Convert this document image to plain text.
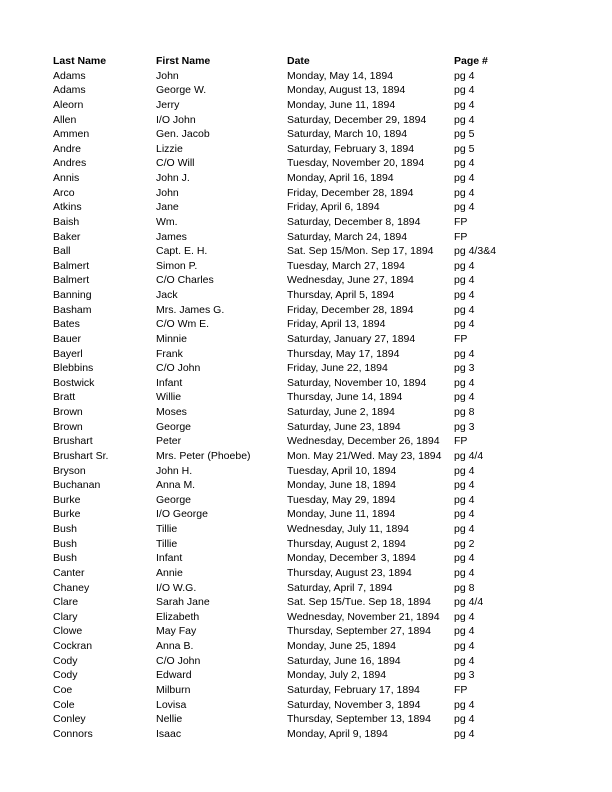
Last Name	First Name	Date	Page #
Adams	John	Monday, May 14, 1894	pg 4
Adams	George W.	Monday, August 13, 1894	pg 4
Aleorn	Jerry	Monday, June 11, 1894	pg 4
Allen	I/O John	Saturday, December 29, 1894	pg 4
Ammen	Gen. Jacob	Saturday, March 10, 1894	pg 5
Andre	Lizzie	Saturday, February 3, 1894	pg 5
Andres	C/O Will	Tuesday, November 20, 1894	pg 4
Annis	John J.	Monday, April 16, 1894	pg 4
Arco	John	Friday, December 28, 1894	pg 4
Atkins	Jane	Friday, April 6, 1894	pg 4
Baish	Wm.	Saturday, December 8, 1894	FP
Baker	James	Saturday, March 24, 1894	FP
Ball	Capt. E. H.	Sat. Sep 15/Mon. Sep 17, 1894	pg 4/3&4
Balmert	Simon P.	Tuesday, March 27, 1894	pg 4
Balmert	C/O Charles	Wednesday, June 27, 1894	pg 4
Banning	Jack	Thursday, April 5, 1894	pg 4
Basham	Mrs. James G.	Friday, December 28, 1894	pg 4
Bates	C/O Wm E.	Friday, April 13, 1894	pg 4
Bauer	Minnie	Saturday, January 27, 1894	FP
Bayerl	Frank	Thursday, May 17, 1894	pg 4
Blebbins	C/O John	Friday, June 22, 1894	pg 3
Bostwick	Infant	Saturday, November 10, 1894	pg 4
Bratt	Willie	Thursday, June 14, 1894	pg 4
Brown	Moses	Saturday, June 2, 1894	pg 8
Brown	George	Saturday, June 23, 1894	pg 3
Brushart	Peter	Wednesday, December 26, 1894	FP
Brushart Sr.	Mrs. Peter (Phoebe)	Mon. May 21/Wed. May 23, 1894	pg 4/4
Bryson	John H.	Tuesday, April 10, 1894	pg 4
Buchanan	Anna M.	Monday, June 18, 1894	pg 4
Burke	George	Tuesday, May 29, 1894	pg 4
Burke	I/O George	Monday, June 11, 1894	pg 4
Bush	Tillie	Wednesday, July 11, 1894	pg 4
Bush	Tillie	Thursday, August 2, 1894	pg 2
Bush	Infant	Monday, December 3, 1894	pg 4
Canter	Annie	Thursday, August 23, 1894	pg 4
Chaney	I/O W.G.	Saturday, April 7, 1894	pg 8
Clare	Sarah Jane	Sat. Sep 15/Tue. Sep 18, 1894	pg 4/4
Clary	Elizabeth	Wednesday, November 21, 1894	pg 4
Clowe	May Fay	Thursday, September 27, 1894	pg 4
Cockran	Anna B.	Monday, June 25, 1894	pg 4
Cody	C/O John	Saturday, June 16, 1894	pg 4
Cody	Edward	Monday, July 2, 1894	pg 3
Coe	Milburn	Saturday, February 17, 1894	FP
Cole	Lovisa	Saturday, November 3, 1894	pg 4
Conley	Nellie	Thursday, September 13, 1894	pg 4
Connors	Isaac	Monday, April 9, 1894	pg 4
